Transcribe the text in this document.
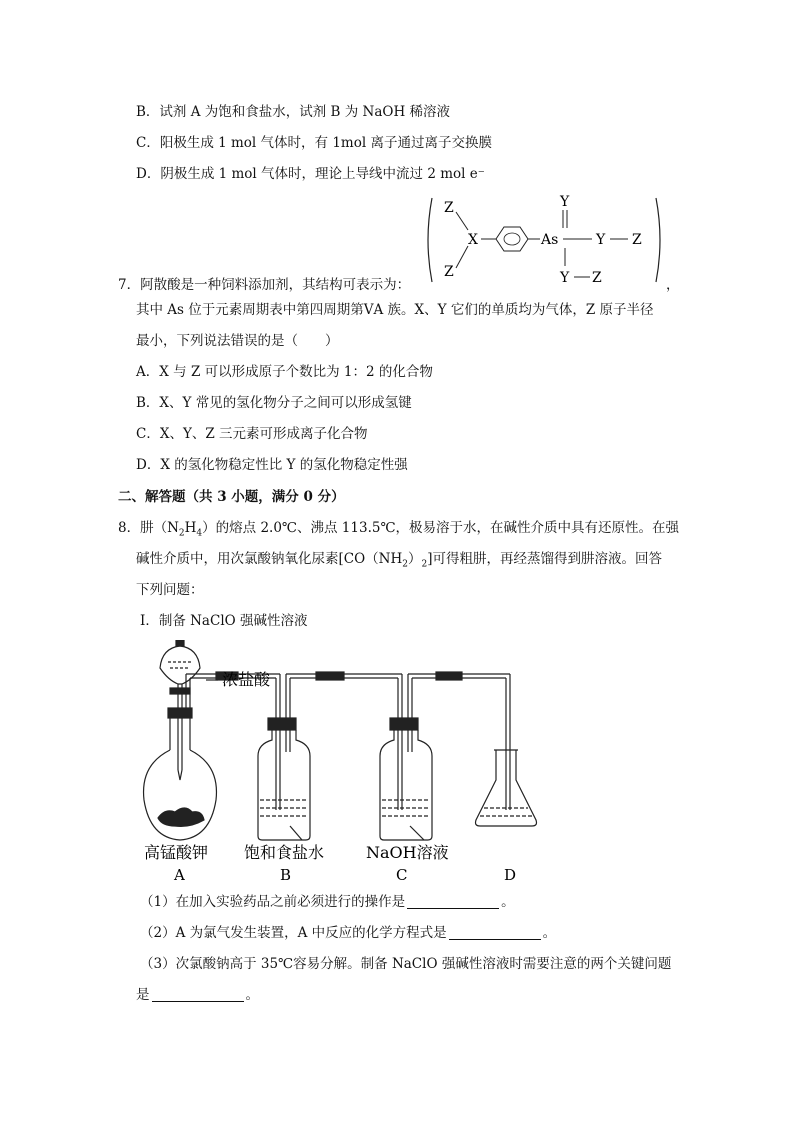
B．试剂 A 为饱和食盐水，试剂 B 为 NaOH 稀溶液
C．阳极生成 1 mol 气体时，有 1mol 离子通过离子交换膜
D．阴极生成 1 mol 气体时，理论上导线中流过 2 mol e⁻
Z
Z
X	As
Y
Y Z
Y Z
7．阿散酸是一种饲料添加剂，其结构可表示为：	，
其中 As 位于元素周期表中第四周期第ⅤA 族。X、Y 它们的单质均为气体，Z 原子半径
最小，下列说法错误的是（　　）
A．X 与 Z 可以形成原子个数比为 1：2 的化合物
B．X、Y 常见的氢化物分子之间可以形成氢键
C．X、Y、Z 三元素可形成离子化合物
D．X 的氢化物稳定性比 Y 的氢化物稳定性强
二、解答题（共 3 小题，满分 0 分）
8．肼$(N_2H_4)$的熔点 2.0℃、沸点 113.5℃，极易溶于水，在碱性介质中具有还原性。在强
碱性介质中，用次氯酸钠氧化尿素$[CO(NH_2)_2]$可得粗肼，再经蒸馏得到肼溶液。回答
下列问题：
Ⅰ．制备 NaClO 强碱性溶液
浓盐酸
高锰酸钾 饱和食盐水	NaOH溶液
A	B	C	D
（1）在加入实验药品之前必须进行的操作是	。
（2）A 为氯气发生装置，A 中反应的化学方程式是	。
（3）次氯酸钠高于 35℃容易分解。制备 NaClO 强碱性溶液时需要注意的两个关键问题
是	。
